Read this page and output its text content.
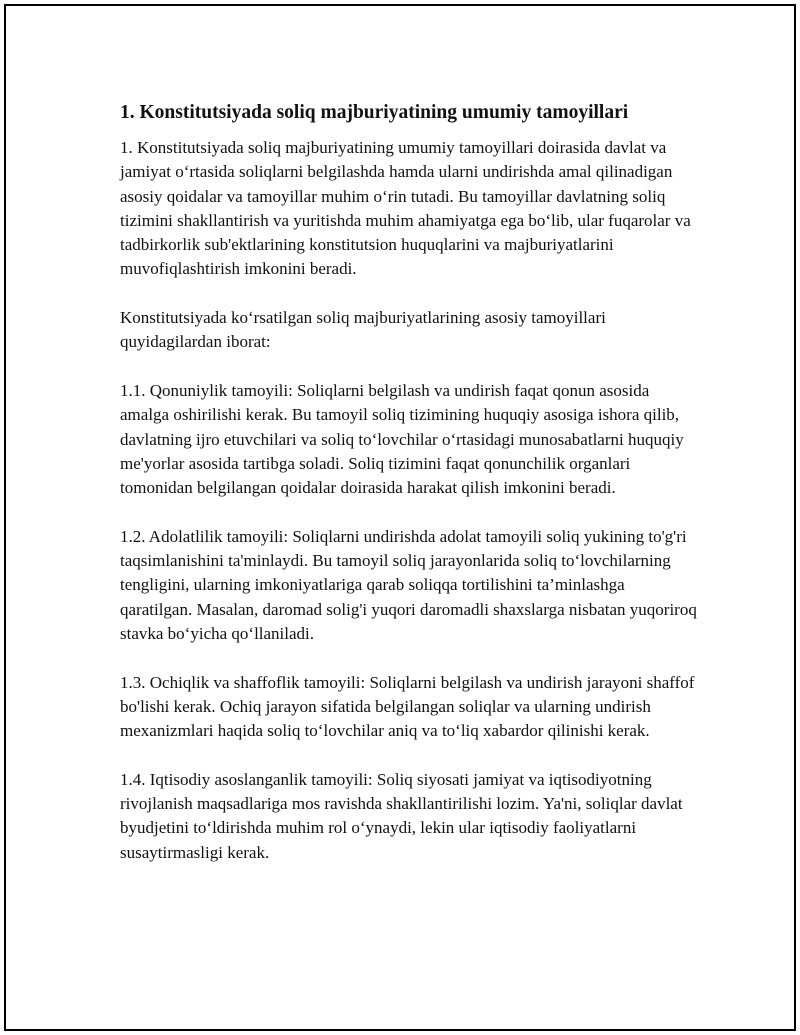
1. Konstitutsiyada soliq majburiyatining umumiy tamoyillari

1. Konstitutsiyada soliq majburiyatining umumiy tamoyillari doirasida davlat va jamiyat o‘rtasida soliqlarni belgilashda hamda ularni undirishda amal qilinadigan asosiy qoidalar va tamoyillar muhim o‘rin tutadi. Bu tamoyillar davlatning soliq tizimini shakllantirish va yuritishda muhim ahamiyatga ega bo‘lib, ular fuqarolar va tadbirkorlik sub'ektlarining konstitutsion huquqlarini va majburiyatlarini muvofiqlashtirish imkonini beradi.

Konstitutsiyada ko‘rsatilgan soliq majburiyatlarining asosiy tamoyillari quyidagilardan iborat:

1.1. Qonuniylik tamoyili: Soliqlarni belgilash va undirish faqat qonun asosida amalga oshirilishi kerak. Bu tamoyil soliq tizimining huquqiy asosiga ishora qilib, davlatning ijro etuvchilari va soliq to‘lovchilar o‘rtasidagi munosabatlarni huquqiy me'yorlar asosida tartibga soladi. Soliq tizimini faqat qonunchilik organlari tomonidan belgilangan qoidalar doirasida harakat qilish imkonini beradi.

1.2. Adolatlilik tamoyili: Soliqlarni undirishda adolat tamoyili soliq yukining to'g'ri taqsimlanishini ta'minlaydi. Bu tamoyil soliq jarayonlarida soliq to‘lovchilarning tengligini, ularning imkoniyatlariga qarab soliqqa tortilishini ta’minlashga qaratilgan. Masalan, daromad solig'i yuqori daromadli shaxslarga nisbatan yuqoriroq stavka bo‘yicha qo‘llaniladi.

1.3. Ochiqlik va shaffoflik tamoyili: Soliqlarni belgilash va undirish jarayoni shaffof bo'lishi kerak. Ochiq jarayon sifatida belgilangan soliqlar va ularning undirish mexanizmlari haqida soliq to‘lovchilar aniq va to‘liq xabardor qilinishi kerak.

1.4. Iqtisodiy asoslanganlik tamoyili: Soliq siyosati jamiyat va iqtisodiyotning rivojlanish maqsadlariga mos ravishda shakllantirilishi lozim. Ya'ni, soliqlar davlat byudjetini to‘ldirishda muhim rol o‘ynaydi, lekin ular iqtisodiy faoliyatlarni susaytirmasligi kerak.
